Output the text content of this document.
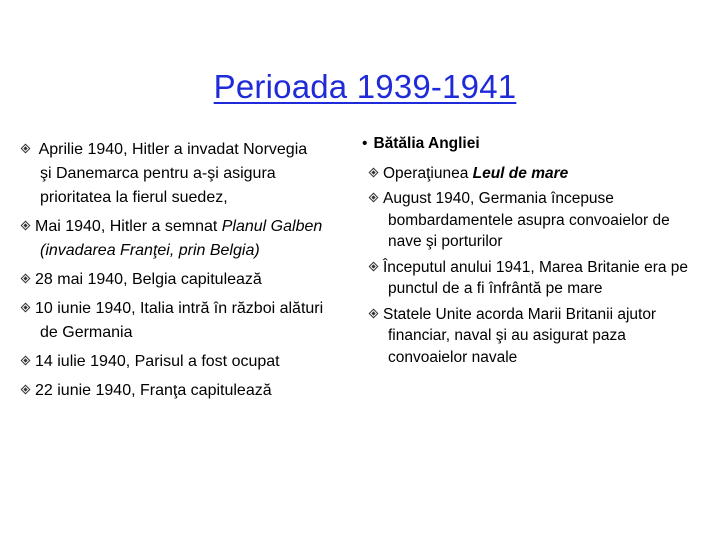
Perioada 1939-1941
Aprilie 1940, Hitler a invadat Norvegia
şi Danemarca pentru a-şi asigura prioritatea la fierul suedez,
Mai 1940, Hitler a semnat Planul Galben (invadarea Franţei, prin Belgia)
28 mai 1940, Belgia capitulează
10 iunie 1940, Italia intră în război alături de Germania
14 iulie 1940, Parisul a fost ocupat
22 iunie 1940, Franţa capitulează
• Bătălia Angliei
Operaţiunea Leul de mare
August 1940, Germania începuse bombardamentele asupra convoaielor de nave şi porturilor
Începutul anului 1941, Marea Britanie era pe punctul de a fi înfrântă pe mare
Statele Unite acorda Marii Britanii ajutor financiar, naval şi au asigurat paza convoaielor navale
